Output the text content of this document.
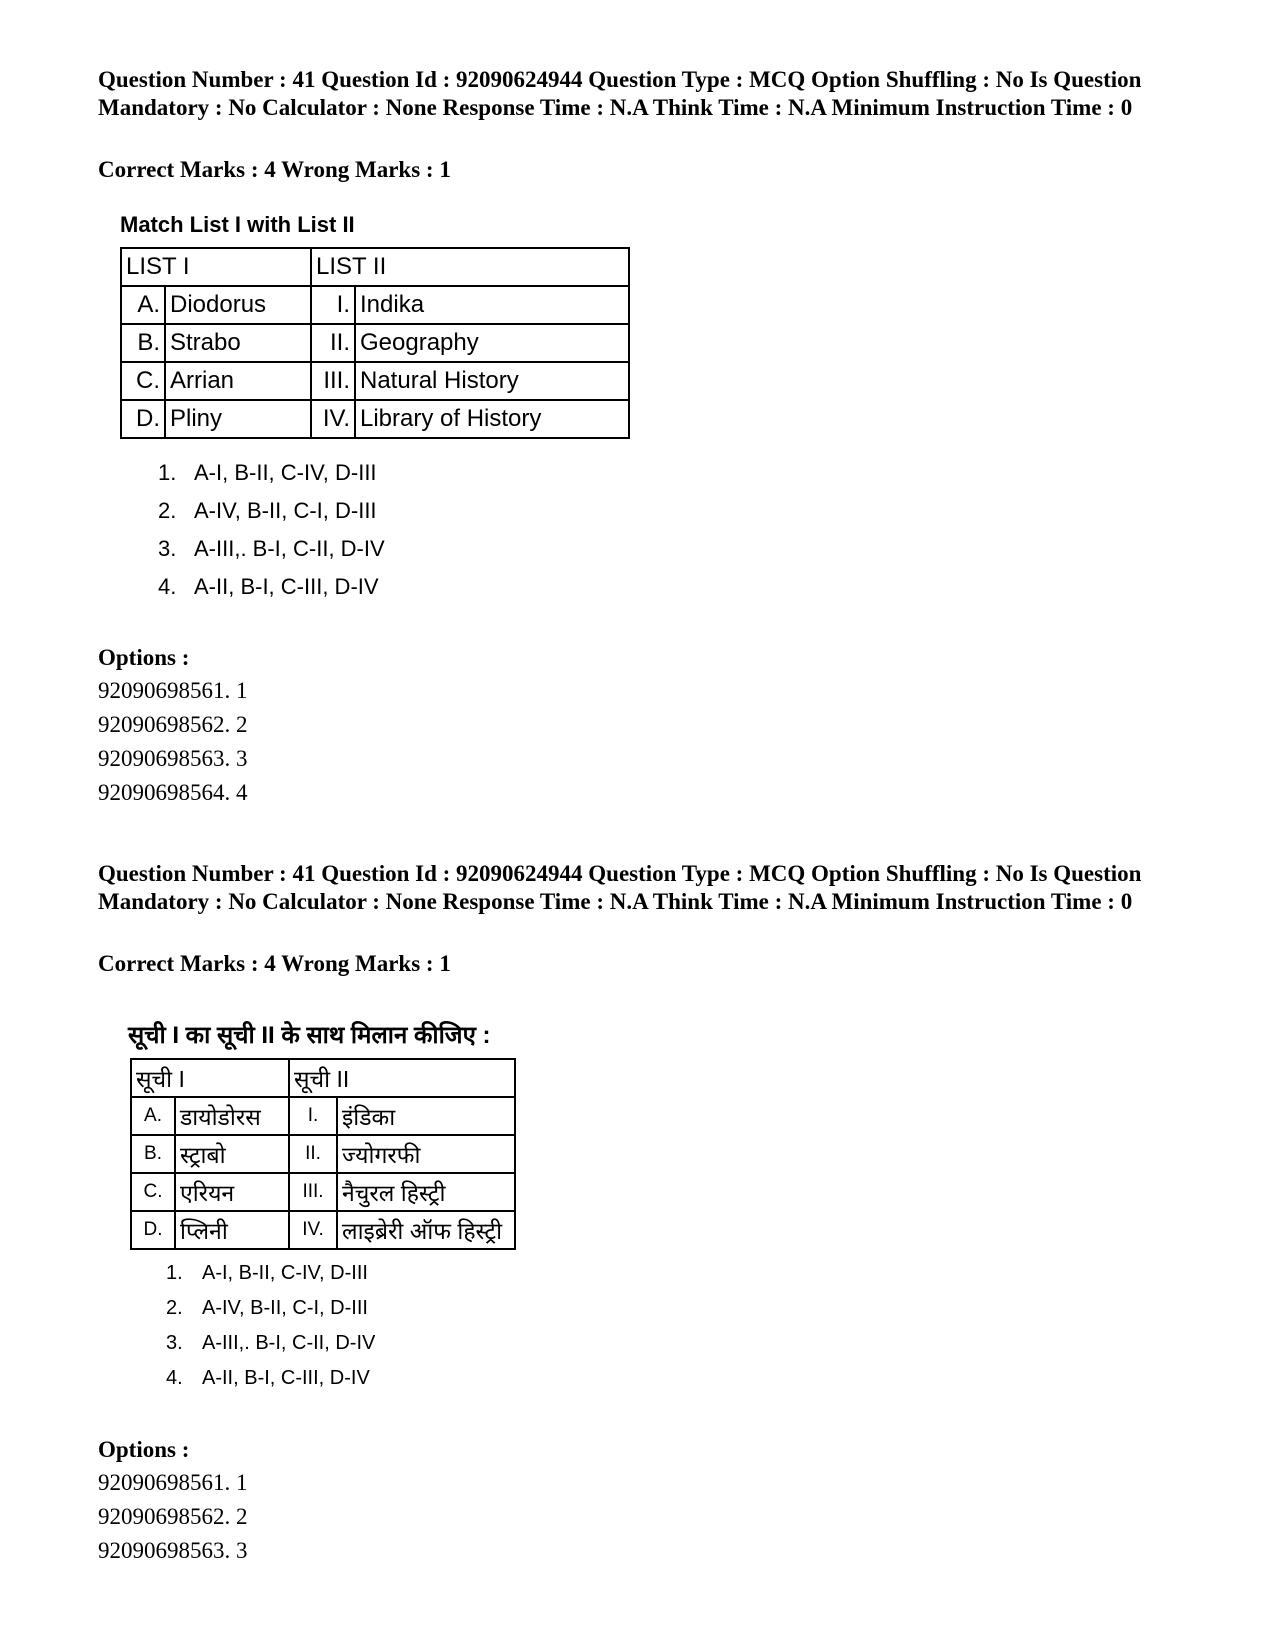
Question Number : 41 Question Id : 92090624944 Question Type : MCQ Option Shuffling : No Is Question Mandatory : No Calculator : None Response Time : N.A Think Time : N.A Minimum Instruction Time : 0
Correct Marks : 4 Wrong Marks : 1
Match List I with List II
LIST I		LIST II	
A.	Diodorus	I.	Indika
B.	Strabo	II.	Geography
C.	Arrian	III.	Natural History
D.	Pliny	IV.	Library of History
1. A-I, B-II, C-IV, D-III
2. A-IV, B-II, C-I, D-III
3. A-III,. B-I, C-II, D-IV
4. A-II, B-I, C-III, D-IV
Options :
92090698561. 1
92090698562. 2
92090698563. 3
92090698564. 4
Question Number : 41 Question Id : 92090624944 Question Type : MCQ Option Shuffling : No Is Question Mandatory : No Calculator : None Response Time : N.A Think Time : N.A Minimum Instruction Time : 0
Correct Marks : 4 Wrong Marks : 1
सूची I का सूची II के साथ मिलान कीजिए :
सूची I		सूची II	
A.	डायोडोरस	I.	इंडिका
B.	स्ट्राबो	II.	ज्योगरफी
C.	एरियन	III.	नैचुरल हिस्ट्री
D.	प्लिनी	IV.	लाइब्रेरी ऑफ हिस्ट्री
1. A-I, B-II, C-IV, D-III
2. A-IV, B-II, C-I, D-III
3. A-III,. B-I, C-II, D-IV
4. A-II, B-I, C-III, D-IV
Options :
92090698561. 1
92090698562. 2
92090698563. 3
